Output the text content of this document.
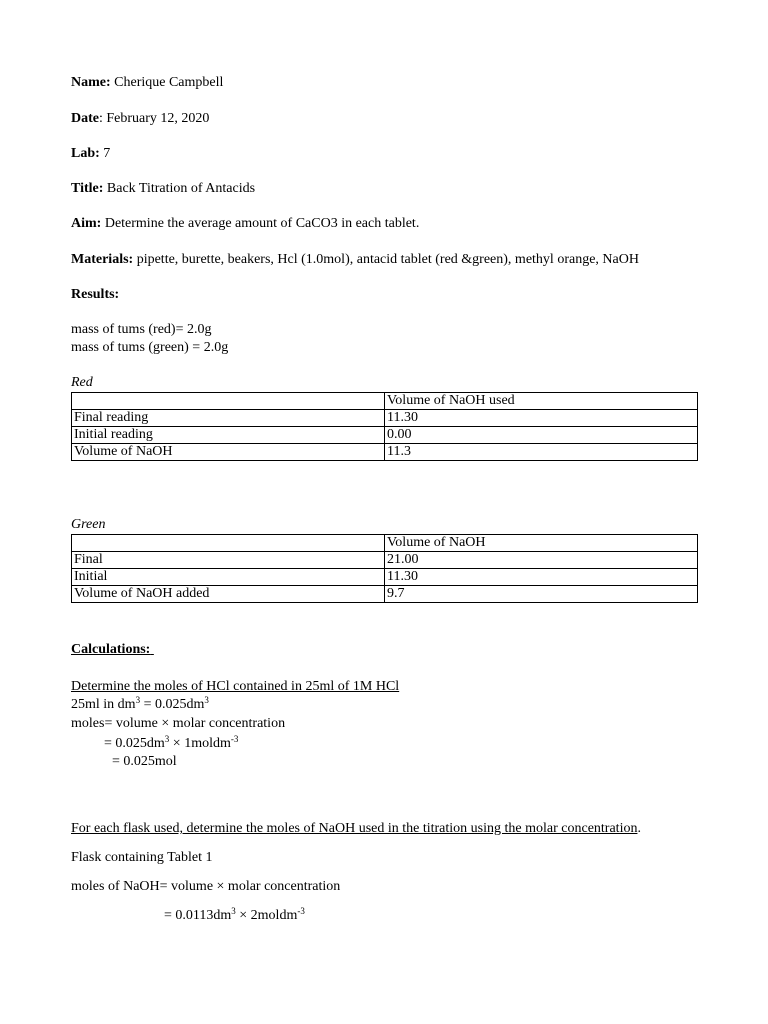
Name: Cherique Campbell
Date: February 12, 2020
Lab: 7
Title: Back Titration of Antacids
Aim: Determine the average amount of CaCO3 in each tablet.
Materials: pipette, burette, beakers, Hcl (1.0mol), antacid tablet (red &green), methyl orange, NaOH
Results:
mass of tums (red)= 2.0g
mass of tums (green) = 2.0g
Red
	Volume of NaOH used
Final reading	11.30
Initial reading	0.00
Volume of NaOH	11.3
Green
	Volume of NaOH
Final	21.00
Initial	11.30
Volume of NaOH added	9.7
Calculations:
Determine the moles of HCl contained in 25ml of 1M HCl
25ml in $dm^3 = 0.025dm^3$
moles= volume × molar concentration
= $0.025dm^3$ × 1moldm$^{-3}$
= 0.025mol
For each flask used, determine the moles of NaOH used in the titration using the molar concentration.
Flask containing Tablet 1
moles of NaOH= volume × molar concentration
= $0.0113dm^3$ × 2moldm$^{-3}$
